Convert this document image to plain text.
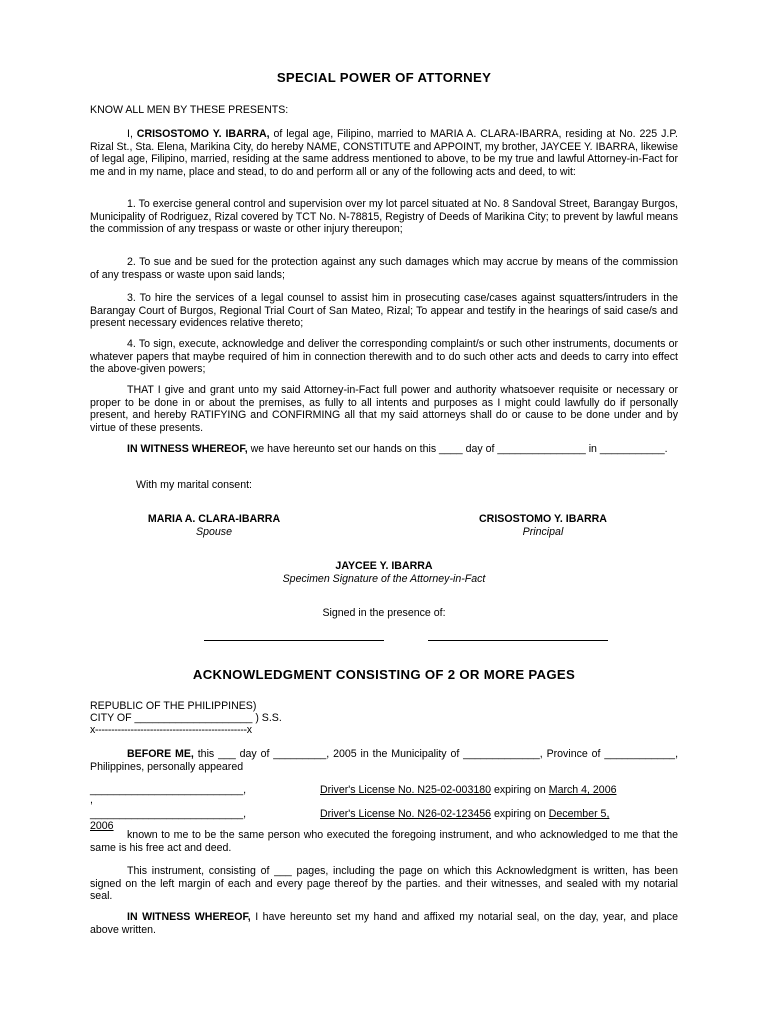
SPECIAL POWER OF ATTORNEY

KNOW ALL MEN BY THESE PRESENTS:

I, CRISOSTOMO Y. IBARRA, of legal age, Filipino, married to MARIA A. CLARA-IBARRA, residing at No. 225 J.P. Rizal St., Sta. Elena, Marikina City, do hereby NAME, CONSTITUTE and APPOINT, my brother, JAYCEE Y. IBARRA, likewise of legal age, Filipino, married, residing at the same address mentioned to above, to be my true and lawful Attorney-in-Fact for me and in my name, place and stead, to do and perform all or any of the following acts and deed, to wit:

1. To exercise general control and supervision over my lot parcel situated at No. 8 Sandoval Street, Barangay Burgos, Municipality of Rodriguez, Rizal covered by TCT No. N-78815, Registry of Deeds of Marikina City; to prevent by lawful means the commission of any trespass or waste or other injury thereupon;

2. To sue and be sued for the protection against any such damages which may accrue by means of the commission of any trespass or waste upon said lands;

3. To hire the services of a legal counsel to assist him in prosecuting case/cases against squatters/intruders in the Barangay Court of Burgos, Regional Trial Court of San Mateo, Rizal; To appear and testify in the hearings of said case/s and present necessary evidences relative thereto;

4. To sign, execute, acknowledge and deliver the corresponding complaint/s or such other instruments, documents or whatever papers that maybe required of him in connection therewith and to do such other acts and deeds to carry into effect the above-given powers;

THAT I give and grant unto my said Attorney-in-Fact full power and authority whatsoever requisite or necessary or proper to be done in or about the premises, as fully to all intents and purposes as I might could lawfully do if personally present, and hereby RATIFYING and CONFIRMING all that my said attorneys shall do or cause to be done under and by virtue of these presents.

IN WITNESS WHEREOF, we have hereunto set our hands on this ____ day of _______________ in ___________.

With my marital consent:

MARIA A. CLARA-IBARRA
Spouse
CRISOSTOMO Y. IBARRA
Principal
JAYCEE Y. IBARRA
Specimen Signature of the Attorney-in-Fact
Signed in the presence of:
ACKNOWLEDGMENT CONSISTING OF 2 OR MORE PAGES

REPUBLIC OF THE PHILIPPINES)

CITY OF ____________________ ) S.S.

x-----------------------------------------------x

BEFORE ME, this ___ day of _________, 2005 in the Municipality of _____________, Province of ____________, Philippines, personally appeared

__________________________,	Driver's License No. N25-02-003180 expiring on March 4, 2006
,
__________________________,	Driver's License No. N26-02-123456 expiring on December 5,
2006

known to me to be the same person who executed the foregoing instrument, and who acknowledged to me that the same is his free act and deed.

This instrument, consisting of ___ pages, including the page on which this Acknowledgment is written, has been signed on the left margin of each and every page thereof by the parties. and their witnesses, and sealed with my notarial seal.

IN WITNESS WHEREOF, I have hereunto set my hand and affixed my notarial seal, on the day, year, and place above written.
